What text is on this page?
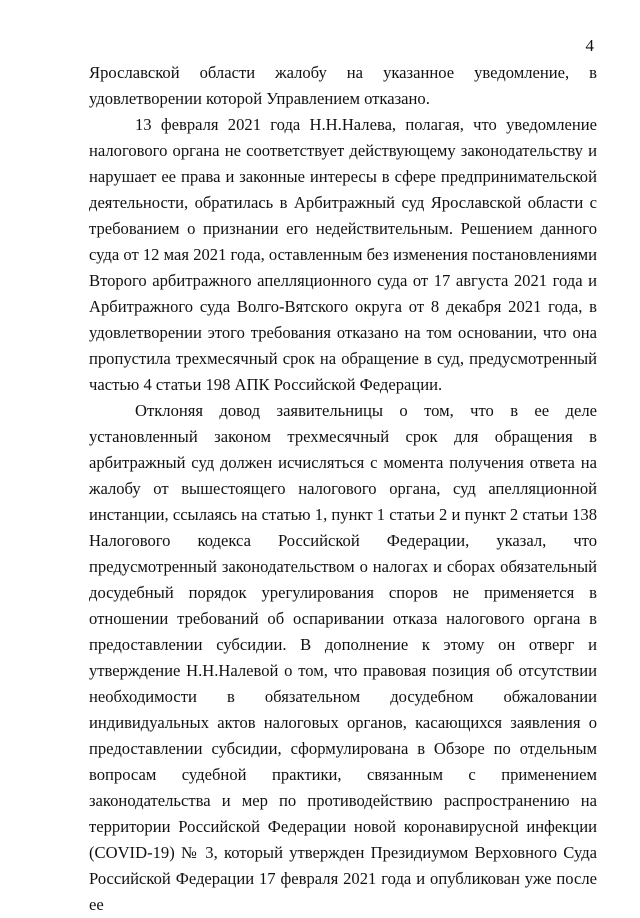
4

Ярославской области жалобу на указанное уведомление, в удовлетворении которой Управлением отказано.

13 февраля 2021 года Н.Н.Налева, полагая, что уведомление налогового органа не соответствует действующему законодательству и нарушает ее права и законные интересы в сфере предпринимательской деятельности, обратилась в Арбитражный суд Ярославской области с требованием о признании его недействительным. Решением данного суда от 12 мая 2021 года, оставленным без изменения постановлениями Второго арбитражного апелляционного суда от 17 августа 2021 года и Арбитражного суда Волго-Вятского округа от 8 декабря 2021 года, в удовлетворении этого требования отказано на том основании, что она пропустила трехмесячный срок на обращение в суд, предусмотренный частью 4 статьи 198 АПК Российской Федерации.

Отклоняя довод заявительницы о том, что в ее деле установленный законом трехмесячный срок для обращения в арбитражный суд должен исчисляться с момента получения ответа на жалобу от вышестоящего налогового органа, суд апелляционной инстанции, ссылаясь на статью 1, пункт 1 статьи 2 и пункт 2 статьи 138 Налогового кодекса Российской Федерации, указал, что предусмотренный законодательством о налогах и сборах обязательный досудебный порядок урегулирования споров не применяется в отношении требований об оспаривании отказа налогового органа в предоставлении субсидии. В дополнение к этому он отверг и утверждение Н.Н.Налевой о том, что правовая позиция об отсутствии необходимости в обязательном досудебном обжаловании индивидуальных актов налоговых органов, касающихся заявления о предоставлении субсидии, сформулирована в Обзоре по отдельным вопросам судебной практики, связанным с применением законодательства и мер по противодействию распространению на территории Российской Федерации новой коронавирусной инфекции (COVID-19) № 3, который утвержден Президиумом Верховного Суда Российской Федерации 17 февраля 2021 года и опубликован уже после ее
